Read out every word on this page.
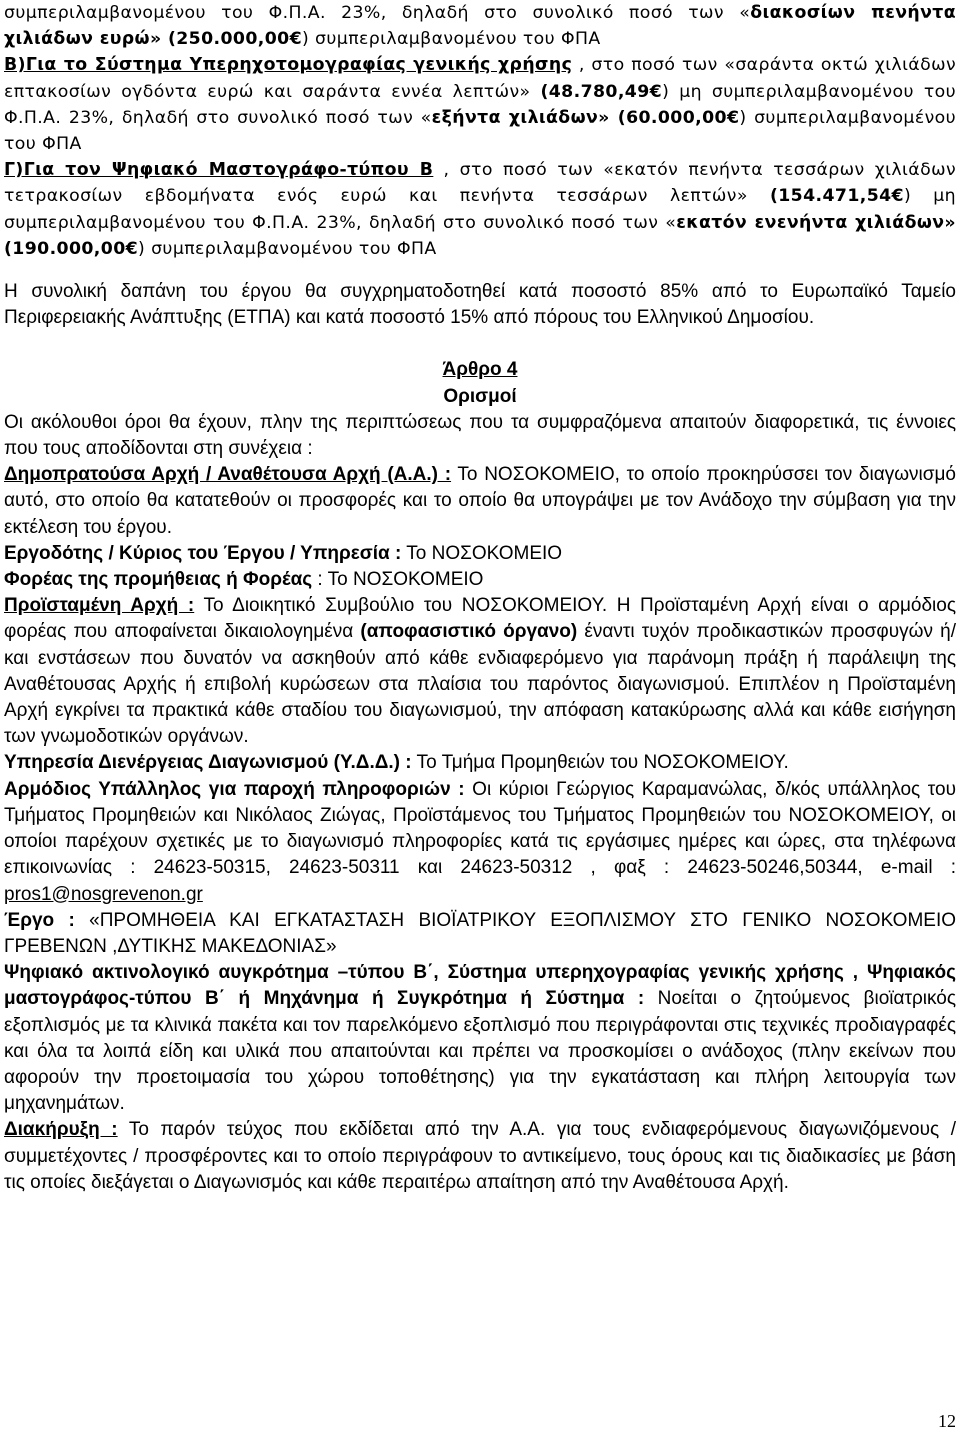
συμπεριλαμβανομένου του Φ.Π.Α. 23%, δηλαδή στο συνολικό ποσό των «διακοσίων πενήντα χιλιάδων ευρώ» (250.000,00€) συμπεριλαμβανομένου του ΦΠΑ

Β)Για το Σύστημα Υπερηχοτομογραφίας γενικής χρήσης , στο ποσό των «σαράντα οκτώ χιλιάδων επτακοσίων ογδόντα ευρώ και σαράντα εννέα λεπτών» (48.780,49€) μη συμπεριλαμβανομένου του Φ.Π.Α. 23%, δηλαδή στο συνολικό ποσό των «εξήντα χιλιάδων» (60.000,00€) συμπεριλαμβανομένου του ΦΠΑ

Γ)Για τον Ψηφιακό Μαστογράφο-τύπου Β , στο ποσό των «εκατόν πενήντα τεσσάρων χιλιάδων τετρακοσίων εβδομήνατα ενός ευρώ και πενήντα τεσσάρων λεπτών» (154.471,54€) μη συμπεριλαμβανομένου του Φ.Π.Α. 23%, δηλαδή στο συνολικό ποσό των «εκατόν ενενήντα χιλιάδων» (190.000,00€) συμπεριλαμβανομένου του ΦΠΑ

Η συνολική δαπάνη του έργου θα συγχρηματοδοτηθεί κατά ποσοστό 85% από το Ευρωπαϊκό Ταμείο Περιφερειακής Ανάπτυξης (ΕΤΠΑ) και κατά ποσοστό 15% από πόρους του Ελληνικού Δημοσίου.

Άρθρο 4

Ορισμοί

Οι ακόλουθοι όροι θα έχουν, πλην της περιπτώσεως που τα συμφραζόμενα απαιτούν διαφορετικά, τις έννοιες που τους αποδίδονται στη συνέχεια :

Δημοπρατούσα Αρχή / Αναθέτουσα Αρχή (Α.Α.) : Το ΝΟΣΟΚΟΜΕΙΟ, το οποίο προκηρύσσει τον διαγωνισμό αυτό, στο οποίο θα κατατεθούν οι προσφορές και το οποίο θα υπογράψει με τον Ανάδοχο την σύμβαση για την εκτέλεση του έργου.

Εργοδότης / Κύριος του Έργου / Υπηρεσία : Το ΝΟΣΟΚΟΜΕΙΟ

Φορέας της προμήθειας ή Φορέας : Το ΝΟΣΟΚΟΜΕΙΟ

Προϊσταμένη Αρχή : Το Διοικητικό Συμβούλιο του ΝΟΣΟΚΟΜΕΙΟΥ. Η Προϊσταμένη Αρχή είναι ο αρμόδιος φορέας που αποφαίνεται δικαιολογημένα (αποφασιστικό όργανο) έναντι τυχόν προδικαστικών προσφυγών ή/και ενστάσεων που δυνατόν να ασκηθούν από κάθε ενδιαφερόμενο για παράνομη πράξη ή παράλειψη της Αναθέτουσας Αρχής ή επιβολή κυρώσεων στα πλαίσια του παρόντος διαγωνισμού. Επιπλέον η Προϊσταμένη Αρχή εγκρίνει τα πρακτικά κάθε σταδίου του διαγωνισμού, την απόφαση κατακύρωσης αλλά και κάθε εισήγηση των γνωμοδοτικών οργάνων.

Υπηρεσία Διενέργειας Διαγωνισμού (Υ.Δ.Δ.) : Το Τμήμα Προμηθειών του ΝΟΣΟΚΟΜΕΙΟΥ.

Αρμόδιος Υπάλληλος για παροχή πληροφοριών : Οι κύριοι Γεώργιος Καραμανώλας, δ/κός υπάλληλος του Τμήματος Προμηθειών και Νικόλαος Ζιώγας, Προϊστάμενος του Τμήματος Προμηθειών του ΝΟΣΟΚΟΜΕΙΟΥ, οι οποίοι παρέχουν σχετικές με το διαγωνισμό πληροφορίες κατά τις εργάσιμες ημέρες και ώρες, στα τηλέφωνα επικοινωνίας : 24623-50315, 24623-50311 και 24623-50312 , φαξ : 24623-50246,50344, e-mail : pros1@nosgrevenon.gr

Έργο : «ΠΡΟΜΗΘΕΙΑ ΚΑΙ ΕΓΚΑΤΑΣΤΑΣΗ ΒΙΟΪΑΤΡΙΚΟΥ ΕΞΟΠΛΙΣΜΟΥ ΣΤΟ ΓΕΝΙΚΟ ΝΟΣΟΚΟΜΕΙΟ ΓΡΕΒΕΝΩΝ ,ΔΥΤΙΚΗΣ ΜΑΚΕΔΟΝΙΑΣ»

Ψηφιακό ακτινολογικό αυγκρότημα –τύπου Β΄, Σύστημα υπερηχογραφίας γενικής χρήσης , Ψηφιακός μαστογράφος-τύπου Β΄ ή Μηχάνημα ή Συγκρότημα ή Σύστημα : Νοείται ο ζητούμενος βιοϊατρικός εξοπλισμός με τα κλινικά πακέτα και τον παρελκόμενο εξοπλισμό που περιγράφονται στις τεχνικές προδιαγραφές και όλα τα λοιπά είδη και υλικά που απαιτούνται και πρέπει να προσκομίσει ο ανάδοχος (πλην εκείνων που αφορούν την προετοιμασία του χώρου τοποθέτησης) για την εγκατάσταση και πλήρη λειτουργία των μηχανημάτων.

Διακήρυξη : Το παρόν τεύχος που εκδίδεται από την Α.Α. για τους ενδιαφερόμενους διαγωνιζόμενους / συμμετέχοντες / προσφέροντες και το οποίο περιγράφουν το αντικείμενο, τους όρους και τις διαδικασίες με βάση τις οποίες διεξάγεται ο Διαγωνισμός και κάθε περαιτέρω απαίτηση από την Αναθέτουσα Αρχή.

12
